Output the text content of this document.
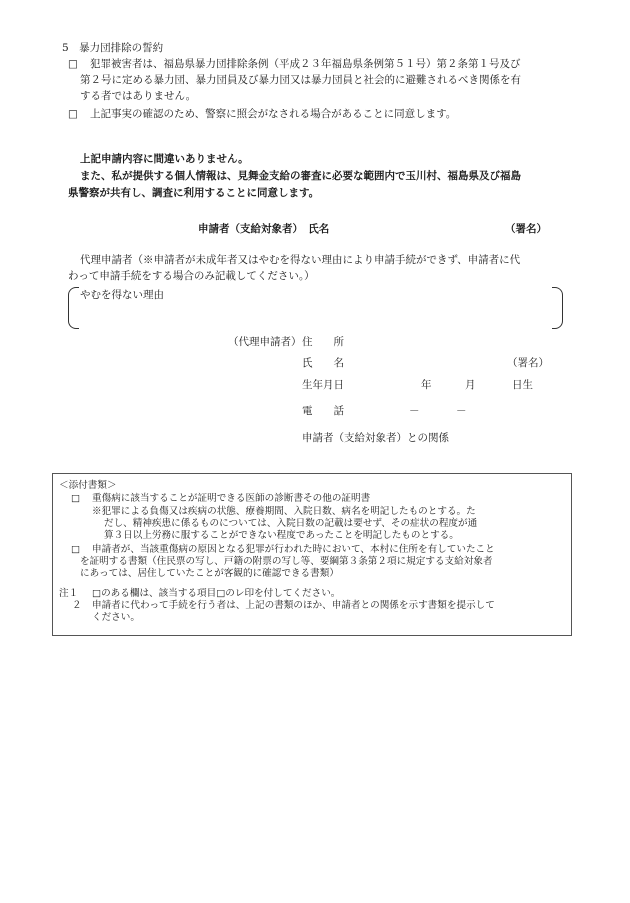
5　暴力団排除の誓約
□ 犯罪被害者は、福島県暴力団排除条例（平成２３年福島県条例第５１号）第２条第１号及び
第２号に定める暴力団、暴力団員及び暴力団又は暴力団員と社会的に避難されるべき関係を有
する者ではありません。
□ 上記事実の確認のため、警察に照会がなされる場合があることに同意します。
上記申請内容に間違いありません。
また、私が提供する個人情報は、見舞金支給の審査に必要な範囲内で玉川村、福島県及び福島
県警察が共有し、調査に利用することに同意します。
申請者（支給対象者）　氏名	（署名）
代理申請者（※申請者が未成年者又はやむを得ない理由により申請手続ができず、申請者に代
わって申請手続をする場合のみ記載してください。）
やむを得ない理由
（代理申請者） 住　　所
氏　　名	（署名）
生年月日	年	月	日生
電　　話	－	－
申請者（支給対象者）との関係
＜添付書類＞
□ 重傷病に該当することが証明できる医師の診断書その他の証明書
※犯罪による負傷又は疾病の状態、療養期間、入院日数、病名を明記したものとする。た
だし、精神疾患に係るものについては、入院日数の記載は要せず、その症状の程度が通
算３日以上労務に服することができない程度であったことを明記したものとする。
□ 申請者が、当該重傷病の原因となる犯罪が行われた時において、本村に住所を有していたこと
を証明する書類（住民票の写し、戸籍の附票の写し等、要綱第３条第２項に規定する支給対象者
にあっては、居住していたことが客観的に確認できる書類）
注１ □のある欄は、該当する項目□のレ印を付してください。
２ 申請者に代わって手続を行う者は、上記の書類のほか、申請者との関係を示す書類を提示して
ください。
